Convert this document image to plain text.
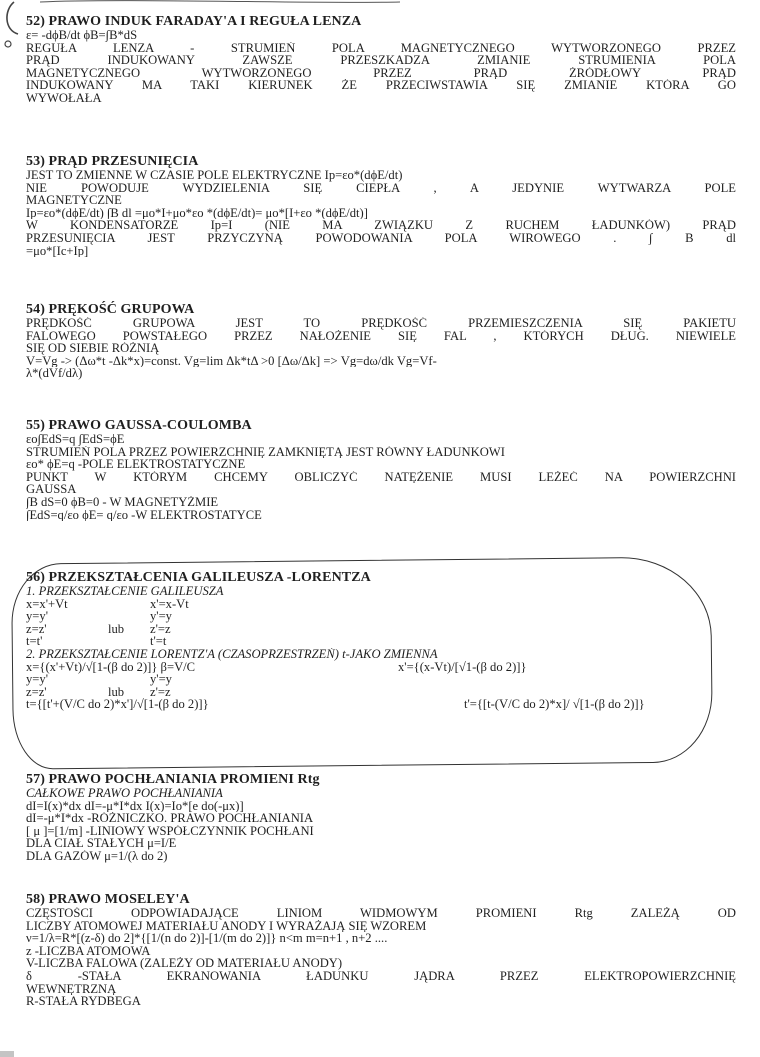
52) PRAWO INDUK FARADAY'A I REGUŁA LENZA

ε= -dϕB/dt ϕB=∫B*dS

REGUŁA LENZA - STRUMIEŃ POLA MAGNETYCZNEGO WYTWORZONEGO PRZEZ

PRĄD INDUKOWANY ZAWSZE PRZESZKADZA ZMIANIE STRUMIENIA POLA

MAGNETYCZNEGO WYTWORZONEGO PRZEZ PRĄD ŹRÓDŁOWY PRĄD

INDUKOWANY MA TAKI KIERUNEK ŻE PRZECIWSTAWIA SIĘ ZMIANIE KTÓRA GO

WYWOŁAŁA

53) PRĄD PRZESUNIĘCIA

JEST TO ZMIENNE W CZASIE POLE ELEKTRYCZNE Ip=εo*(dϕE/dt)

NIE POWODUJE WYDZIELENIA SIĘ CIEPŁA , A JEDYNIE WYTWARZA POLE

MAGNETYCZNE

Ip=εo*(dϕE/dt) ∫B dl =μo*I+μo*εo *(dϕE/dt)= μo*[I+εo *(dϕE/dt)]

W KONDENSATORZE Ip=I (NIE MA ZWIĄZKU Z RUCHEM ŁADUNKÓW) PRĄD

PRZESUNIĘCIA JEST PRZYCZYNĄ POWODOWANIA POLA WIROWEGO . ∫ B dl

=μo*[Ic+Ip]

54) PRĘKOŚĆ GRUPOWA

PRĘDKOŚĆ GRUPOWA JEST TO PRĘDKOŚĆ PRZEMIESZCZENIA SIĘ PAKIETU

FALOWEGO POWSTAŁEGO PRZEZ NAŁOŻENIE SIĘ FAL , KTÓRYCH DŁUG. NIEWIELE

SIĘ OD SIEBIE RÓŻNIĄ

V=Vg -> (Δω*t -Δk*x)=const. Vg=lim Δk*tΔ >0 [Δω/Δk] => Vg=dω/dk Vg=Vf-

λ*(dVf/dλ)

55) PRAWO GAUSSA-COULOMBA

εo∫EdS=q ∫EdS=ϕE

STRUMIEŃ POLA PRZEZ POWIERZCHNIĘ ZAMKNIĘTĄ JEST RÓWNY ŁADUNKOWI

εo* ϕE=q -POLE ELEKTROSTATYCZNE

PUNKT W KTÓRYM CHCEMY OBLICZYĆ NATĘŻENIE MUSI LEŻEĆ NA POWIERZCHNI

GAUSSA

∫B dS=0 ϕB=0 - W MAGNETYŹMIE

∫EdS=q/εo ϕE= q/εo -W ELEKTROSTATYCE

56) PRZEKSZTAŁCENIA GALILEUSZA -LORENTZA

1. PRZEKSZTAŁCENIE GALILEUSZA

x=x'+Vt	x'=x-Vt
y=y'	y'=y
z=z'	lub	z'=z
t=t'	t'=t

2. PRZEKSZTAŁCENIE LORENTZ'A (CZASOPRZESTRZEŃ) t-JAKO ZMIENNA

x={(x'+Vt)/√[1-(β do 2)]} β=V/C	x'={(x-Vt)/[√1-(β do 2)]}
y=y'	y'=y
z=z'	lub	z'=z
t={[t'+(V/C do 2)*x']/√[1-(β do 2)]}	t'={[t-(V/C do 2)*x]/ √[1-(β do 2)]}

57) PRAWO POCHŁANIANIA PROMIENI Rtg

CAŁKOWE PRAWO POCHŁANIANIA

dI=I(x)*dx dI=-μ*I*dx I(x)=Io*[e do(-μx)]

dI=-μ*I*dx -RÓŻNICZKO. PRAWO POCHŁANIANIA

[ μ ]=[1/m] -LINIOWY WSPÓŁCZYNNIK POCHŁANI

DLA CIAŁ STAŁYCH μ=I/E

DLA GAZÓW μ=1/(λ do 2)

58) PRAWO MOSELEY'A

CZĘSTOŚCI ODPOWIADAJĄCE LINIOM WIDMOWYM PROMIENI Rtg ZALEŻĄ OD

LICZBY ATOMOWEJ MATERIAŁU ANODY I WYRAŻAJĄ SIĘ WZOREM

ν=1/λ=R*[(z-δ) do 2]*{[1/(n do 2)]-[1/(m do 2)]} n<m m=n+1 , n+2 ....

z -LICZBA ATOMOWA

V-LICZBA FALOWA (ZALEŻY OD MATERIAŁU ANODY)

δ -STAŁA EKRANOWANIA ŁADUNKU JĄDRA PRZEZ ELEKTROPOWIERZCHNIĘ

WEWNĘTRZNĄ

R-STAŁA RYDBEGA
